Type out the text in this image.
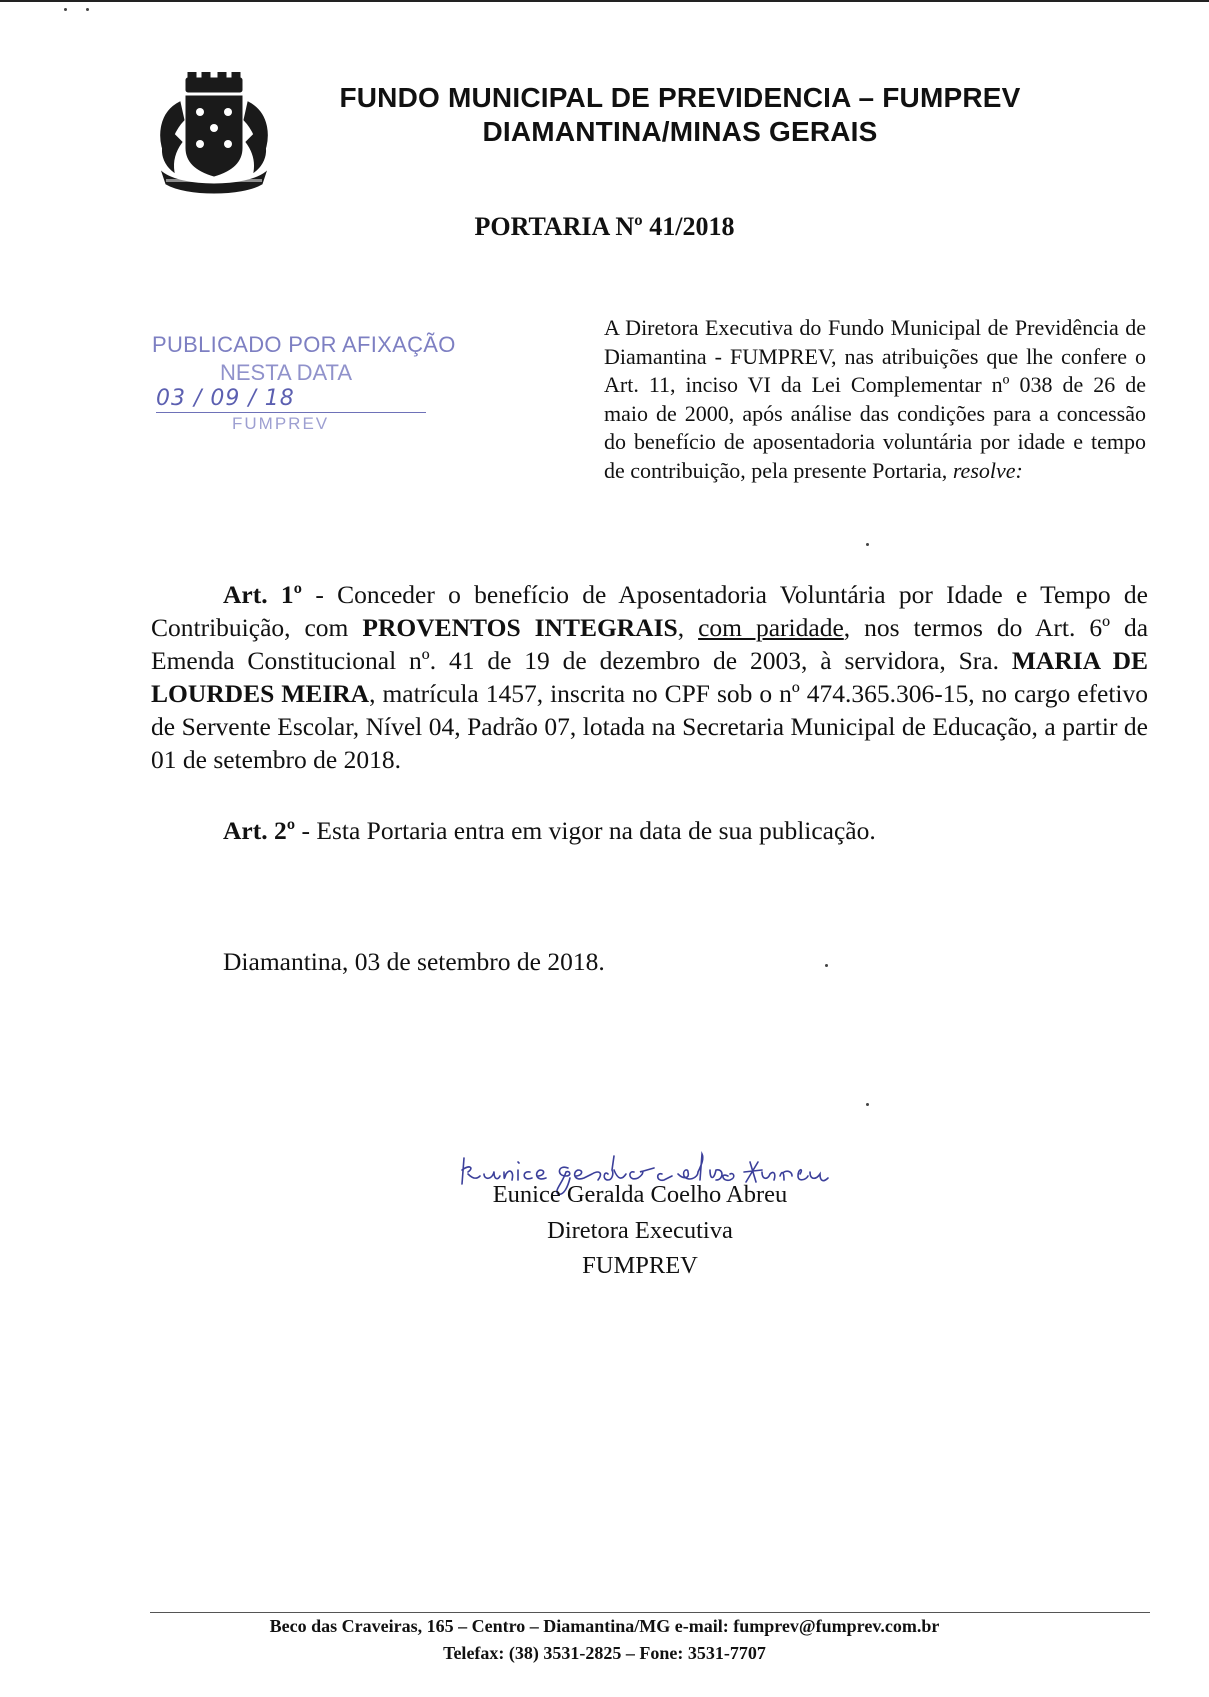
FUNDO MUNICIPAL DE PREVIDENCIA – FUMPREV
DIAMANTINA/MINAS GERAIS
PORTARIA Nº 41/2018
PUBLICADO POR AFIXAÇÃO
NESTA DATA
03 / 09 / 18
FUMPREV
A Diretora Executiva do Fundo Municipal de Previdência de Diamantina - FUMPREV, nas atribuições que lhe confere o Art. 11, inciso VI da Lei Complementar nº 038 de 26 de maio de 2000, após análise das condições para a concessão do benefício de aposentadoria voluntária por idade e tempo de contribuição, pela presente Portaria, resolve:
Art. 1º - Conceder o benefício de Aposentadoria Voluntária por Idade e Tempo de Contribuição, com PROVENTOS INTEGRAIS, com paridade, nos termos do Art. 6º da Emenda Constitucional nº. 41 de 19 de dezembro de 2003, à servidora, Sra. MARIA DE LOURDES MEIRA, matrícula 1457, inscrita no CPF sob o nº 474.365.306-15, no cargo efetivo de Servente Escolar, Nível 04, Padrão 07, lotada na Secretaria Municipal de Educação, a partir de 01 de setembro de 2018.
Art. 2º - Esta Portaria entra em vigor na data de sua publicação.
Diamantina, 03 de setembro de 2018.
Eunice Geralda Coelho Abreu
Diretora Executiva
FUMPREV
Beco das Craveiras, 165 – Centro – Diamantina/MG e-mail: fumprev@fumprev.com.br
Telefax: (38) 3531-2825 – Fone: 3531-7707
